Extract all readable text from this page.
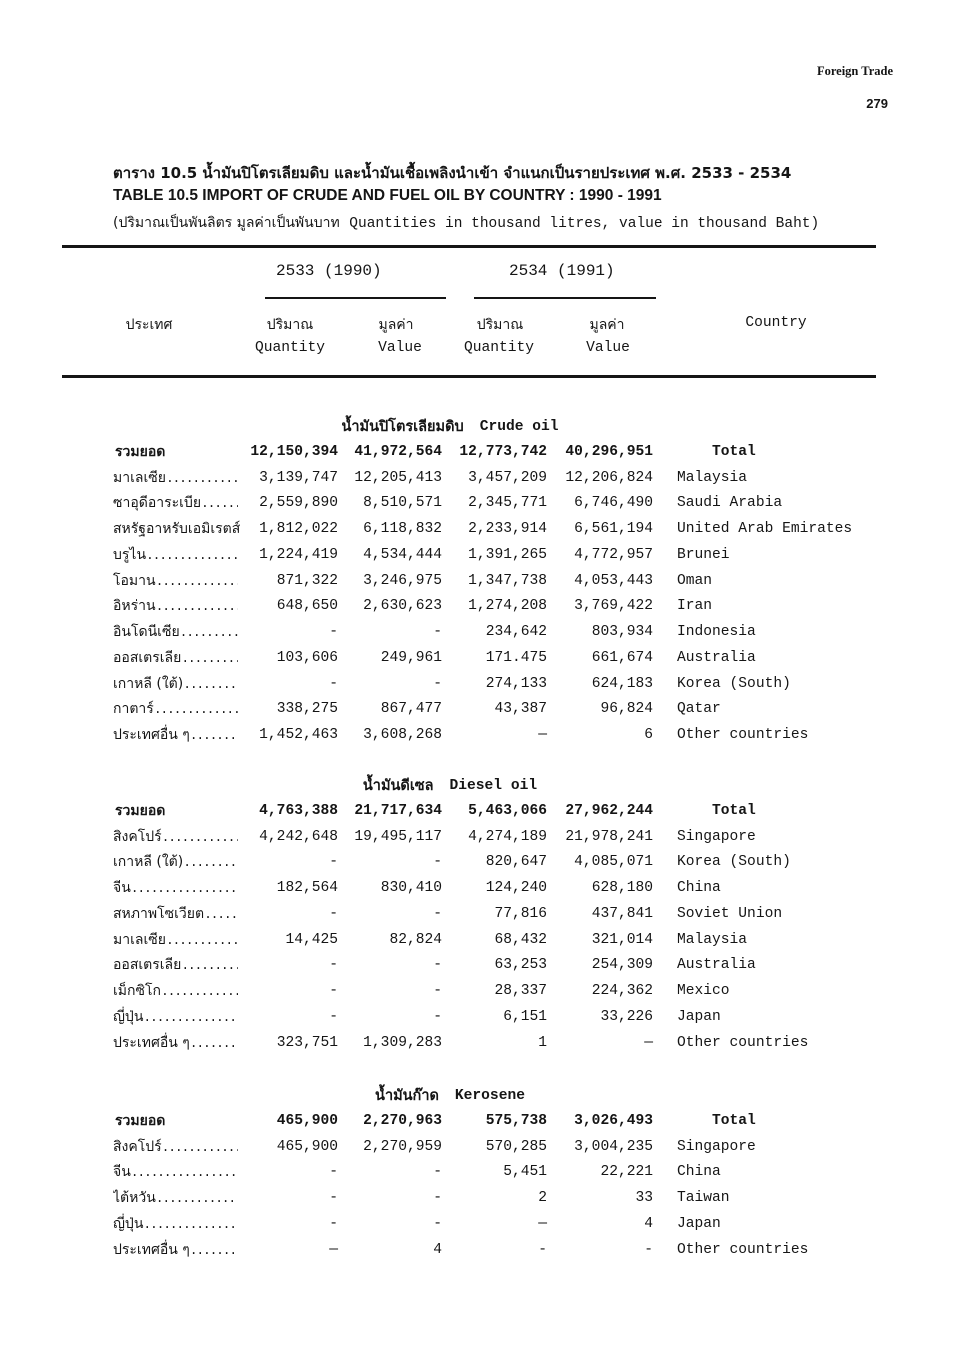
Foreign Trade
279
ตาราง 10.5 น้ำมันปิโตรเลียมดิบ และน้ำมันเชื้อเพลิงนำเข้า จำแนกเป็นรายประเทศ พ.ศ. 2533 - 2534
TABLE 10.5 IMPORT OF CRUDE AND FUEL OIL BY COUNTRY : 1990 - 1991
(ปริมาณเป็นพันลิตร มูลค่าเป็นพันบาท Quantities in thousand litres, value in thousand Baht)
2533 (1990)	2534 (1991)
ประเทศ	ปริมาณ	มูลค่า	ปริมาณ	มูลค่า	Country
Quantity	Value	Quantity	Value
น้ำมันปิโตรเลียมดิบ Crude oil
รวมยอด	12,150,394	41,972,564	12,773,742	40,296,951	Total
มาเลเซีย .....	3,139,747	12,205,413	3,457,209	12,206,824	Malaysia
ซาอุดีอาระเบีย .....	2,559,890	8,510,571	2,345,771	6,746,490	Saudi Arabia
สหรัฐอาหรับเอมิเรตส์	1,812,022	6,118,832	2,233,914	6,561,194	United Arab Emirates
บรูไน .....	1,224,419	4,534,444	1,391,265	4,772,957	Brunei
โอมาน .....	871,322	3,246,975	1,347,738	4,053,443	Oman
อิหร่าน .....	648,650	2,630,623	1,274,208	3,769,422	Iran
อินโดนีเซีย .....	-	-	234,642	803,934	Indonesia
ออสเตรเลีย .....	103,606	249,961	171.475	661,674	Australia
เกาหลี (ใต้) .....	-	-	274,133	624,183	Korea (South)
กาตาร์ .....	338,275	867,477	43,387	96,824	Qatar
ประเทศอื่น ๆ .....	1,452,463	3,608,268	—	6	Other countries
น้ำมันดีเซล Diesel oil
รวมยอด	4,763,388	21,717,634	5,463,066	27,962,244	Total
สิงคโปร์ .....	4,242,648	19,495,117	4,274,189	21,978,241	Singapore
เกาหลี (ใต้) .....	-	-	820,647	4,085,071	Korea (South)
จีน .....	182,564	830,410	124,240	628,180	China
สหภาพโซเวียต .....	-	-	77,816	437,841	Soviet Union
มาเลเซีย .....	14,425	82,824	68,432	321,014	Malaysia
ออสเตรเลีย .....	-	-	63,253	254,309	Australia
เม็กซิโก .....	-	-	28,337	224,362	Mexico
ญี่ปุ่น .....	-	-	6,151	33,226	Japan
ประเทศอื่น ๆ .....	323,751	1,309,283	1	—	Other countries
น้ำมันก๊าด Kerosene
รวมยอด	465,900	2,270,963	575,738	3,026,493	Total
สิงคโปร์ .....	465,900	2,270,959	570,285	3,004,235	Singapore
จีน .....	-	-	5,451	22,221	China
ไต้หวัน .....	-	-	2	33	Taiwan
ญี่ปุ่น .....	-	-	—	4	Japan
ประเทศอื่น ๆ .....	—	4	-	-	Other countries
